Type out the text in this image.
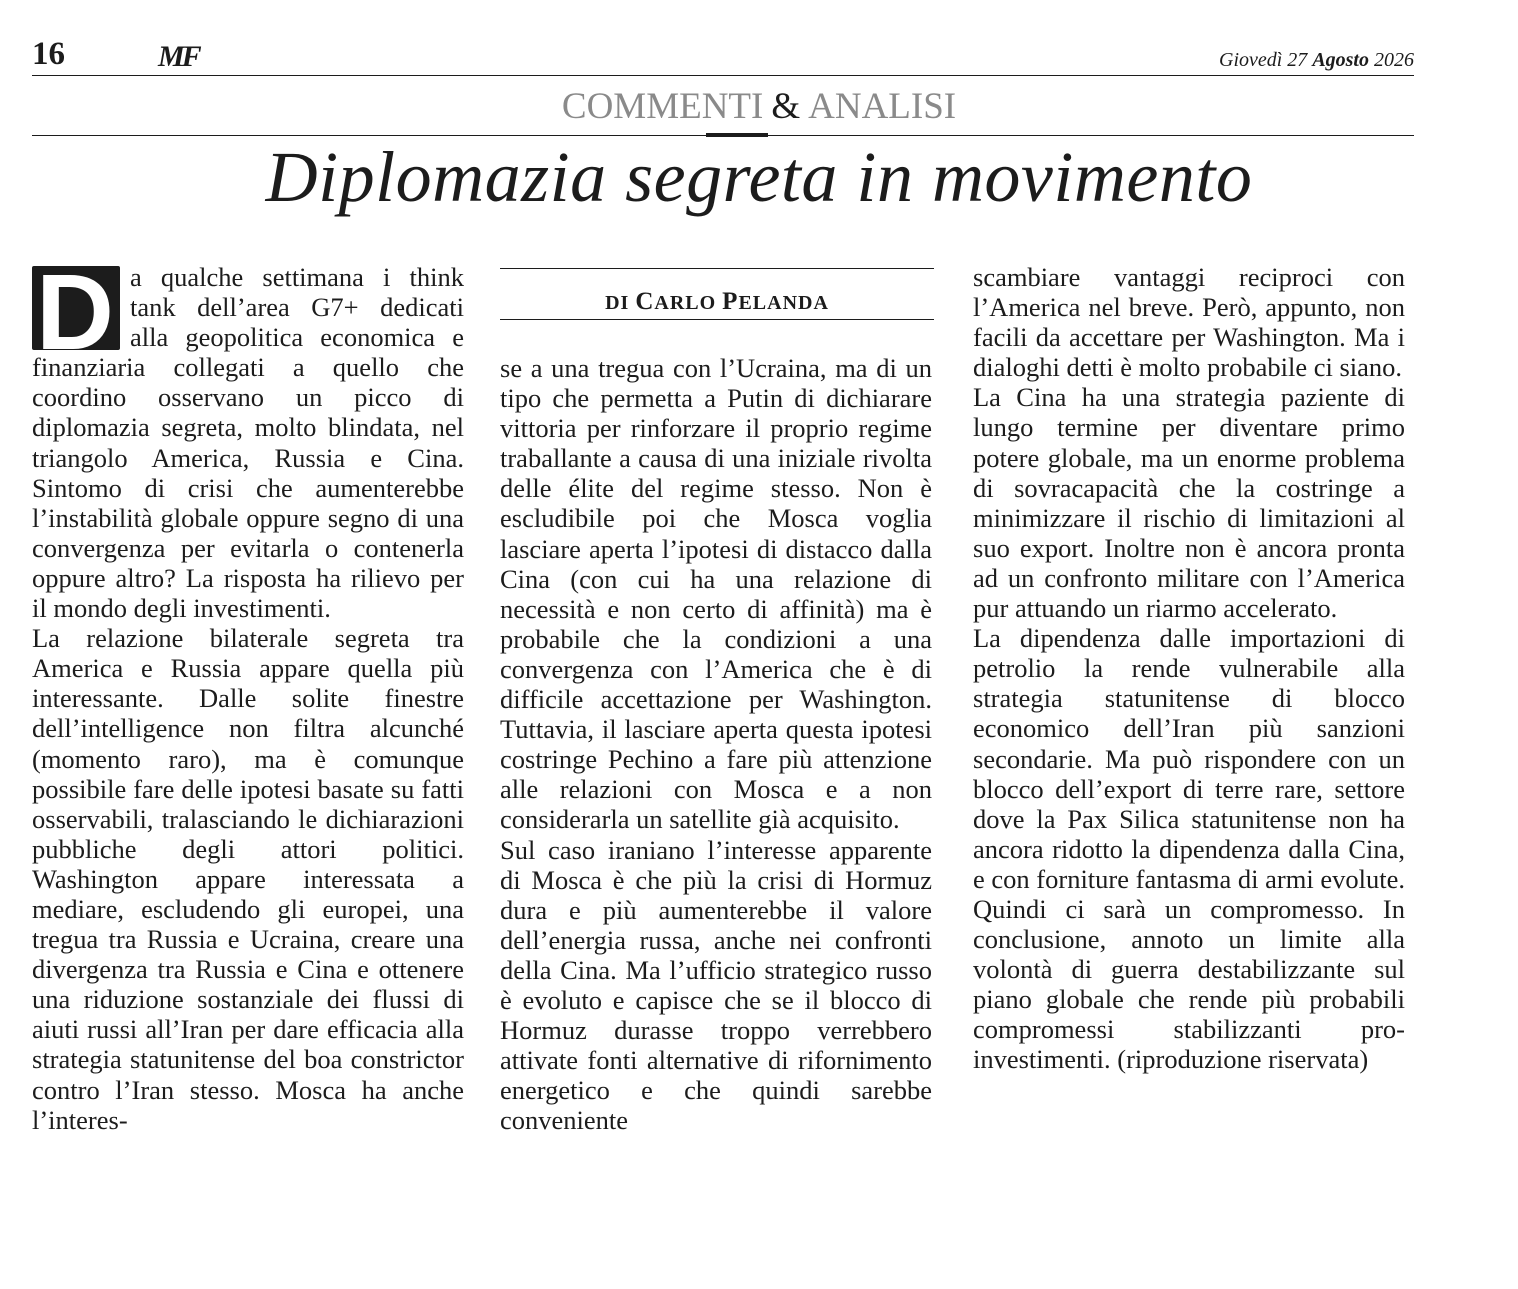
16	MF	Giovedì 27 Agosto 2026
COMMENTI & ANALISI
Diplomazia segreta in movimento
D a qualche settimana i think tank dell’area G7+ dedicati alla geopolitica economica e finanziaria collegati a quello che coordino osservano un picco di diplomazia segreta, molto blindata, nel triangolo America, Russia e Cina. Sintomo di crisi che aumenterebbe l’instabilità globale oppure segno di una convergenza per evitarla o contenerla oppure altro? La risposta ha rilievo per il mondo degli investimenti.

La relazione bilaterale segreta tra America e Russia appare quella più interessante. Dalle solite finestre dell’intelligence non filtra alcunché (momento raro), ma è comunque possibile fare delle ipotesi basate su fatti osservabili, tralasciando le dichiarazioni pubbliche degli attori politici. Washington appare interessata a mediare, escludendo gli europei, una tregua tra Russia e Ucraina, creare una divergenza tra Russia e Cina e ottenere una riduzione sostanziale dei flussi di aiuti russi all’Iran per dare efficacia alla strategia statunitense del boa constrictor contro l’Iran stesso. Mosca ha anche l’interes-

DI CARLO PELANDA

se a una tregua con l’Ucraina, ma di un tipo che permetta a Putin di dichiarare vittoria per rinforzare il proprio regime traballante a causa di una iniziale rivolta delle élite del regime stesso. Non è escludibile poi che Mosca voglia lasciare aperta l’ipotesi di distacco dalla Cina (con cui ha una relazione di necessità e non certo di affinità) ma è probabile che la condizioni a una convergenza con l’America che è di difficile accettazione per Washington. Tuttavia, il lasciare aperta questa ipotesi costringe Pechino a fare più attenzione alle relazioni con Mosca e a non considerarla un satellite già acquisito.

Sul caso iraniano l’interesse apparente di Mosca è che più la crisi di Hormuz dura e più aumenterebbe il valore dell’energia russa, anche nei confronti della Cina. Ma l’ufficio strategico russo è evoluto e capisce che se il blocco di Hormuz durasse troppo verrebbero attivate fonti alternative di rifornimento energetico e che quindi sarebbe conveniente

scambiare vantaggi reciproci con l’America nel breve. Però, appunto, non facili da accettare per Washington. Ma i dialoghi detti è molto probabile ci siano.

La Cina ha una strategia paziente di lungo termine per diventare primo potere globale, ma un enorme problema di sovracapacità che la costringe a minimizzare il rischio di limitazioni al suo export. Inoltre non è ancora pronta ad un confronto militare con l’America pur attuando un riarmo accelerato.

La dipendenza dalle importazioni di petrolio la rende vulnerabile alla strategia statunitense di blocco economico dell’Iran più sanzioni secondarie. Ma può rispondere con un blocco dell’export di terre rare, settore dove la Pax Silica statunitense non ha ancora ridotto la dipendenza dalla Cina, e con forniture fantasma di armi evolute. Quindi ci sarà un compromesso. In conclusione, annoto un limite alla volontà di guerra destabilizzante sul piano globale che rende più probabili compromessi stabilizzanti pro-investimenti. (riproduzione riservata)
